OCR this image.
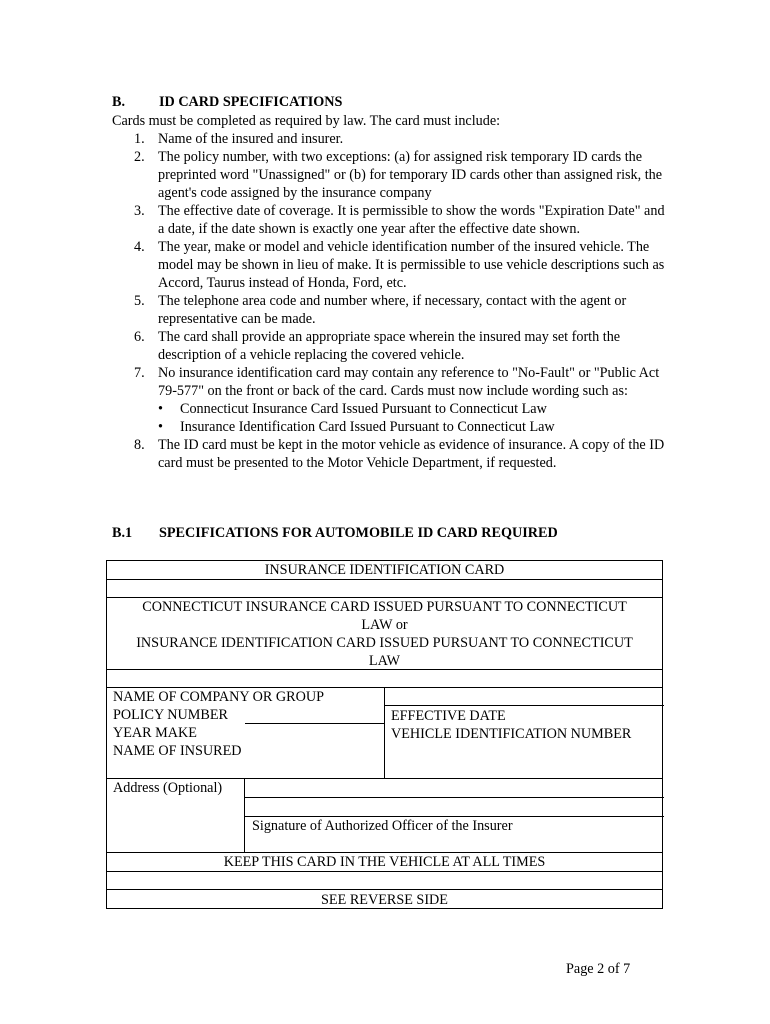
B. ID CARD SPECIFICATIONS
Cards must be completed as required by law. The card must include:
1. Name of the insured and insurer.
2. The policy number, with two exceptions: (a) for assigned risk temporary ID cards the preprinted word "Unassigned" or (b) for temporary ID cards other than assigned risk, the agent's code assigned by the insurance company
3. The effective date of coverage. It is permissible to show the words "Expiration Date" and a date, if the date shown is exactly one year after the effective date shown.
4. The year, make or model and vehicle identification number of the insured vehicle. The model may be shown in lieu of make. It is permissible to use vehicle descriptions such as Accord, Taurus instead of Honda, Ford, etc.
5. The telephone area code and number where, if necessary, contact with the agent or representative can be made.
6. The card shall provide an appropriate space wherein the insured may set forth the description of a vehicle replacing the covered vehicle.
7. No insurance identification card may contain any reference to "No-Fault" or "Public Act 79-577" on the front or back of the card. Cards must now include wording such as:
• Connecticut Insurance Card Issued Pursuant to Connecticut Law
• Insurance Identification Card Issued Pursuant to Connecticut Law
8. The ID card must be kept in the motor vehicle as evidence of insurance. A copy of the ID card must be presented to the Motor Vehicle Department, if requested.
B.1 SPECIFICATIONS FOR AUTOMOBILE ID CARD REQUIRED
INSURANCE IDENTIFICATION CARD
CONNECTICUT INSURANCE CARD ISSUED PURSUANT TO CONNECTICUT
LAW or
INSURANCE IDENTIFICATION CARD ISSUED PURSUANT TO CONNECTICUT
LAW
NAME OF COMPANY OR GROUP
POLICY NUMBER
YEAR MAKE
NAME OF INSURED
EFFECTIVE DATE
VEHICLE IDENTIFICATION NUMBER
Address (Optional)
Signature of Authorized Officer of the Insurer
KEEP THIS CARD IN THE VEHICLE AT ALL TIMES
SEE REVERSE SIDE
Page 2 of 7
